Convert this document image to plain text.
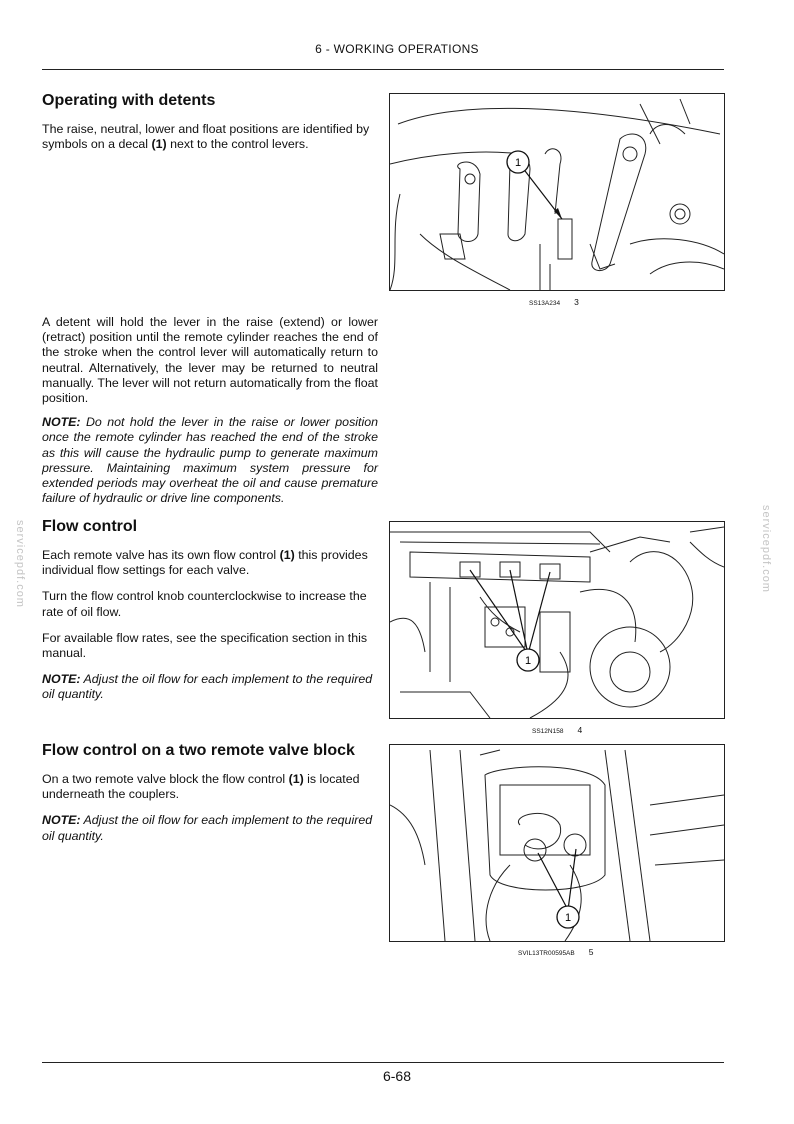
6 - WORKING OPERATIONS
servicepdf.com	servicepdf.com
Operating with detents

The raise, neutral, lower and float positions are identified by symbols on a decal (1) next to the control levers.

A detent will hold the lever in the raise (extend) or lower (retract) position until the remote cylinder reaches the end of the stroke when the control lever will automatically return to neutral. Alternatively, the lever may be returned to neutral manually. The lever will not return automatically from the float position.

NOTE: Do not hold the lever in the raise or lower position once the remote cylinder has reached the end of the stroke as this will cause the hydraulic pump to generate maximum pressure. Maintaining maximum system pressure for extended periods may overheat the oil and cause premature failure of hydraulic or drive line components.

Flow control

Each remote valve has its own flow control (1) this provides individual flow settings for each valve.

Turn the flow control knob counterclockwise to increase the rate of oil flow.

For available flow rates, see the specification section in this manual.

NOTE: Adjust the oil flow for each implement to the required oil quantity.

Flow control on a two remote valve block

On a two remote valve block the flow control (1) is located underneath the couplers.

NOTE: Adjust the oil flow for each implement to the required oil quantity.

1
SS13A234 3
1
SS12N158 4
1
SVIL13TR00595AB 5
6-68
